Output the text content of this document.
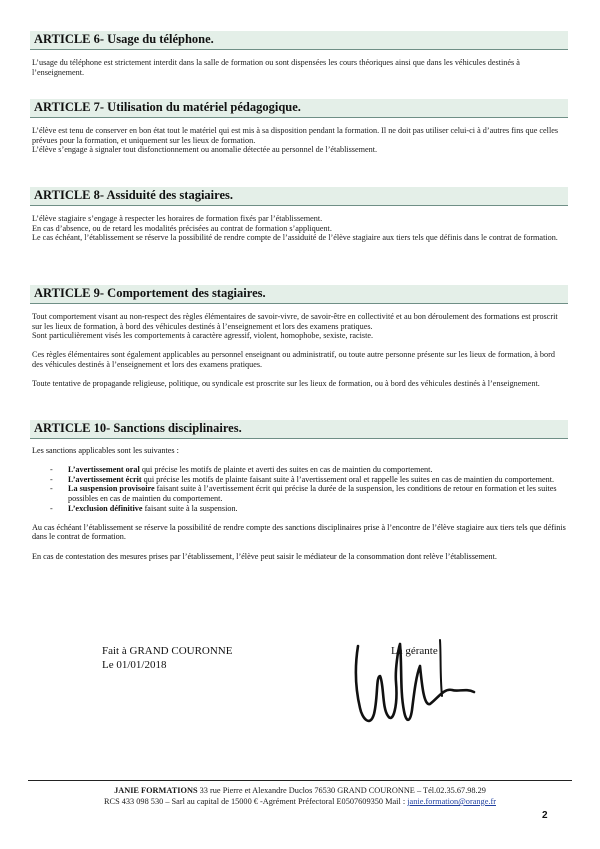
ARTICLE 6- Usage du téléphone.

L’usage du téléphone est strictement interdit dans la salle de formation ou sont dispensées les cours théoriques ainsi que dans les véhicules destinés à l’enseignement.

ARTICLE 7- Utilisation du matériel pédagogique.

L’élève est tenu de conserver en bon état tout le matériel qui est mis à sa disposition pendant la formation. Il ne doit pas utiliser celui-ci à d’autres fins que celles prévues pour la formation, et uniquement sur les lieux de formation.

L’élève s’engage à signaler tout disfonctionnement ou anomalie détectée au personnel de l’établissement.

ARTICLE 8- Assiduité des stagiaires.

L’élève stagiaire s’engage à respecter les horaires de formation fixés par l’établissement.

En cas d’absence, ou de retard les modalités précisées au contrat de formation s’appliquent.

Le cas échéant, l’établissement se réserve la possibilité de rendre compte de l’assiduité de l’élève stagiaire aux tiers tels que définis dans le contrat de formation.

ARTICLE 9- Comportement des stagiaires.

Tout comportement visant au non-respect des règles élémentaires de savoir-vivre, de savoir-être en collectivité et au bon déroulement des formations est proscrit sur les lieux de formation, à bord des véhicules destinés à l’enseignement et lors des examens pratiques.

Sont particulièrement visés les comportements à caractère agressif, violent, homophobe, sexiste, raciste.

Ces règles élémentaires sont également applicables au personnel enseignant ou administratif, ou toute autre personne présente sur les lieux de formation, à bord des véhicules destinés à l’enseignement et lors des examens pratiques.

Toute tentative de propagande religieuse, politique, ou syndicale est proscrite sur les lieux de formation, ou à bord des véhicules destinés à l’enseignement.

ARTICLE 10- Sanctions disciplinaires.

Les sanctions applicables sont les suivantes :

- L’avertissement oral qui précise les motifs de plainte et averti des suites en cas de maintien du comportement.
- L’avertissement écrit qui précise les motifs de plainte faisant suite à l’avertissement oral et rappelle les suites en cas de maintien du comportement.
- La suspension provisoire faisant suite à l’avertissement écrit qui précise la durée de la suspension, les conditions de retour en formation et les suites possibles en cas de maintien du comportement.
- L’exclusion définitive faisant suite à la suspension.

Au cas échéant l’établissement se réserve la possibilité de rendre compte des sanctions disciplinaires prise à l’encontre de l’élève stagiaire aux tiers tels que définis dans le contrat de formation.

En cas de contestation des mesures prises par l’établissement, l’élève peut saisir le médiateur de la consommation dont relève l’établissement.

Fait à GRAND COURONNE
Le 01/01/2018
La gérante
JANIE FORMATIONS 33 rue Pierre et Alexandre Duclos 76530 GRAND COURONNE – Tél.02.35.67.98.29
RCS 433 098 530 – Sarl au capital de 15000 € -Agrément Préfectoral E0507609350 Mail : janie.formation@orange.fr
2
